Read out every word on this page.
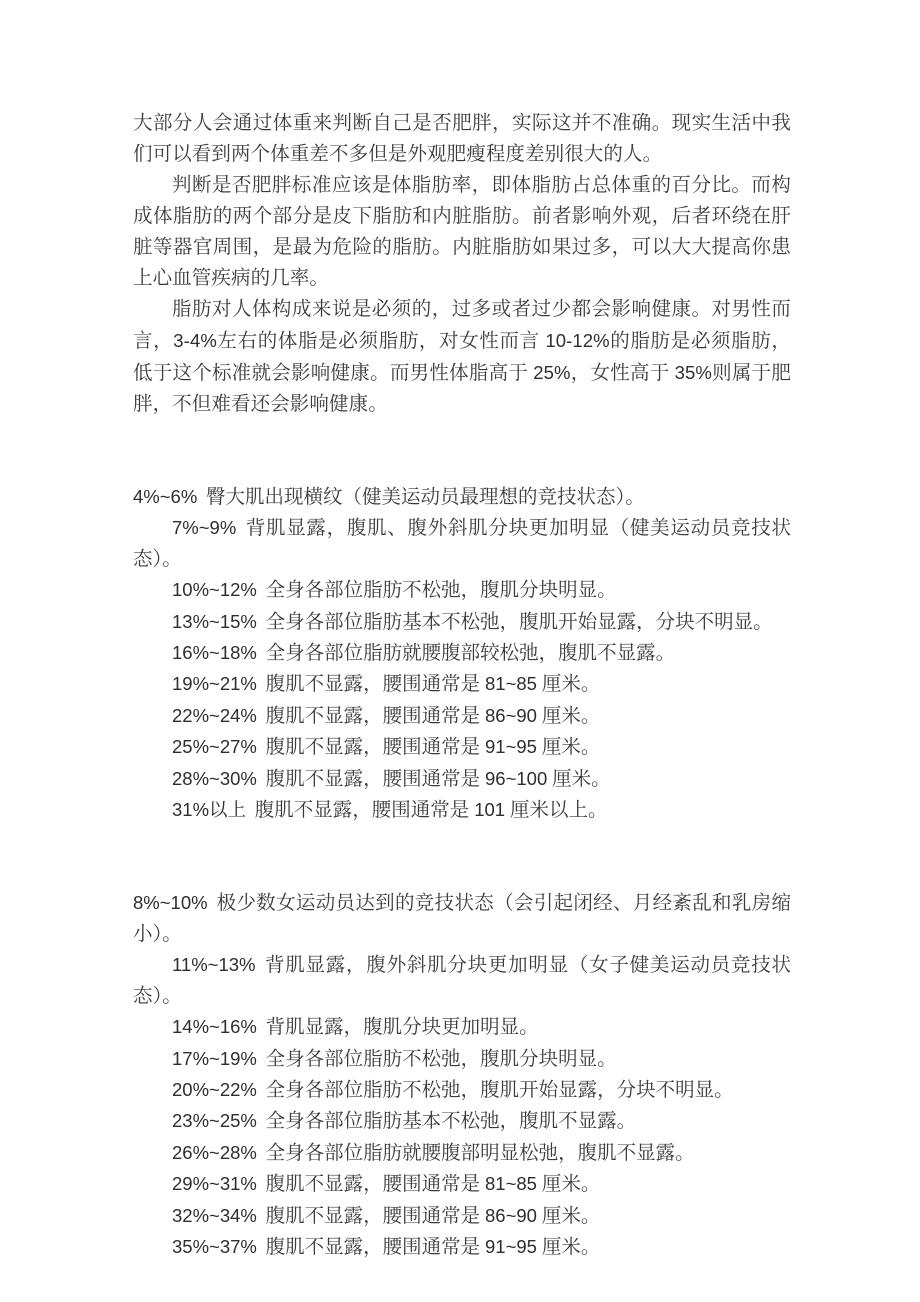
大部分人会通过体重来判断自己是否肥胖，实际这并不准确。现实生活中我们可以看到两个体重差不多但是外观肥瘦程度差别很大的人。
判断是否肥胖标准应该是体脂肪率，即体脂肪占总体重的百分比。而构成体脂肪的两个部分是皮下脂肪和内脏脂肪。前者影响外观，后者环绕在肝脏等器官周围，是最为危险的脂肪。内脏脂肪如果过多，可以大大提高你患上心血管疾病的几率。
脂肪对人体构成来说是必须的，过多或者过少都会影响健康。对男性而言，3-4%左右的体脂是必须脂肪，对女性而言 10-12%的脂肪是必须脂肪，低于这个标准就会影响健康。而男性体脂高于 25%，女性高于 35%则属于肥胖，不但难看还会影响健康。
4%~6% 臀大肌出现横纹（健美运动员最理想的竞技状态）。
7%~9% 背肌显露，腹肌、腹外斜肌分块更加明显（健美运动员竞技状态）。
10%~12% 全身各部位脂肪不松弛，腹肌分块明显。
13%~15% 全身各部位脂肪基本不松弛，腹肌开始显露，分块不明显。
16%~18% 全身各部位脂肪就腰腹部较松弛，腹肌不显露。
19%~21% 腹肌不显露，腰围通常是 81~85 厘米。
22%~24% 腹肌不显露，腰围通常是 86~90 厘米。
25%~27% 腹肌不显露，腰围通常是 91~95 厘米。
28%~30% 腹肌不显露，腰围通常是 96~100 厘米。
31%以上 腹肌不显露，腰围通常是 101 厘米以上。
8%~10% 极少数女运动员达到的竞技状态（会引起闭经、月经紊乱和乳房缩小）。
11%~13% 背肌显露，腹外斜肌分块更加明显（女子健美运动员竞技状态）。
14%~16% 背肌显露，腹肌分块更加明显。
17%~19% 全身各部位脂肪不松弛，腹肌分块明显。
20%~22% 全身各部位脂肪不松弛，腹肌开始显露，分块不明显。
23%~25% 全身各部位脂肪基本不松弛，腹肌不显露。
26%~28% 全身各部位脂肪就腰腹部明显松弛，腹肌不显露。
29%~31% 腹肌不显露，腰围通常是 81~85 厘米。
32%~34% 腹肌不显露，腰围通常是 86~90 厘米。
35%~37% 腹肌不显露，腰围通常是 91~95 厘米。
